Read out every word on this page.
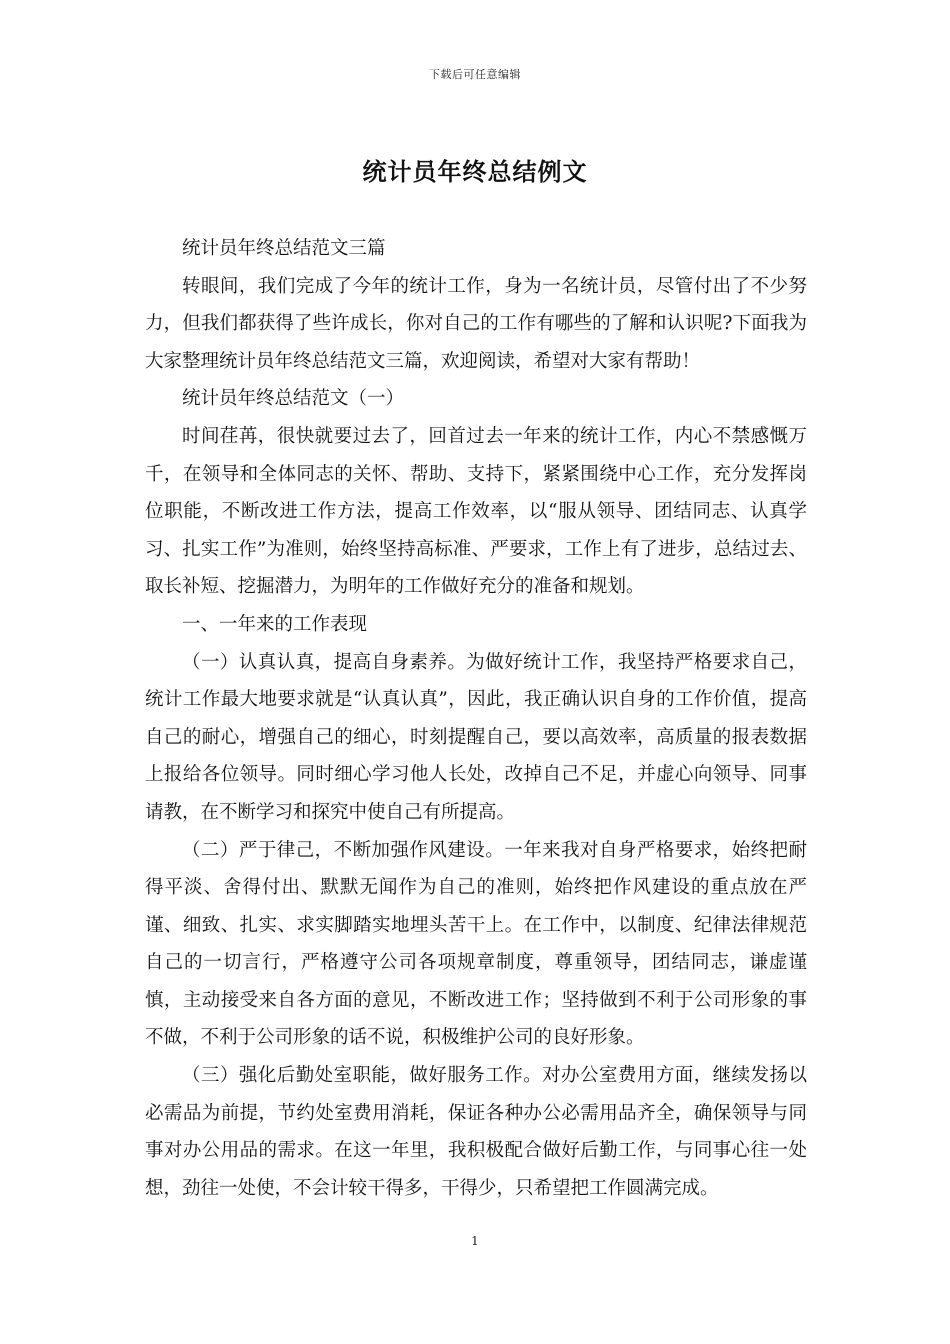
下载后可任意编辑
统计员年终总结例文

统计员年终总结范文三篇

转眼间，我们完成了今年的统计工作，身为一名统计员，尽管付出了不少努力，但我们都获得了些许成长，你对自己的工作有哪些的了解和认识呢?下面我为大家整理统计员年终总结范文三篇，欢迎阅读，希望对大家有帮助！

统计员年终总结范文（一）

时间荏苒，很快就要过去了，回首过去一年来的统计工作，内心不禁感慨万千，在领导和全体同志的关怀、帮助、支持下，紧紧围绕中心工作，充分发挥岗位职能，不断改进工作方法，提高工作效率，以“服从领导、团结同志、认真学习、扎实工作”为准则，始终坚持高标准、严要求，工作上有了进步，总结过去、取长补短、挖掘潜力，为明年的工作做好充分的准备和规划。

一、一年来的工作表现

（一）认真认真，提高自身素养。为做好统计工作，我坚持严格要求自己，统计工作最大地要求就是“认真认真”，因此，我正确认识自身的工作价值，提高自己的耐心，增强自己的细心，时刻提醒自己，要以高效率，高质量的报表数据上报给各位领导。同时细心学习他人长处，改掉自己不足，并虚心向领导、同事请教，在不断学习和探究中使自己有所提高。

（二）严于律己，不断加强作风建设。一年来我对自身严格要求，始终把耐得平淡、舍得付出、默默无闻作为自己的准则，始终把作风建设的重点放在严谨、细致、扎实、求实脚踏实地埋头苦干上。在工作中，以制度、纪律法律规范自己的一切言行，严格遵守公司各项规章制度，尊重领导，团结同志，谦虚谨慎，主动接受来自各方面的意见，不断改进工作；坚持做到不利于公司形象的事不做，不利于公司形象的话不说，积极维护公司的良好形象。

（三）强化后勤处室职能，做好服务工作。对办公室费用方面，继续发扬以必需品为前提，节约处室费用消耗，保证各种办公必需用品齐全，确保领导与同事对办公用品的需求。在这一年里，我积极配合做好后勤工作，与同事心往一处想，劲往一处使，不会计较干得多，干得少，只希望把工作圆满完成。

1
